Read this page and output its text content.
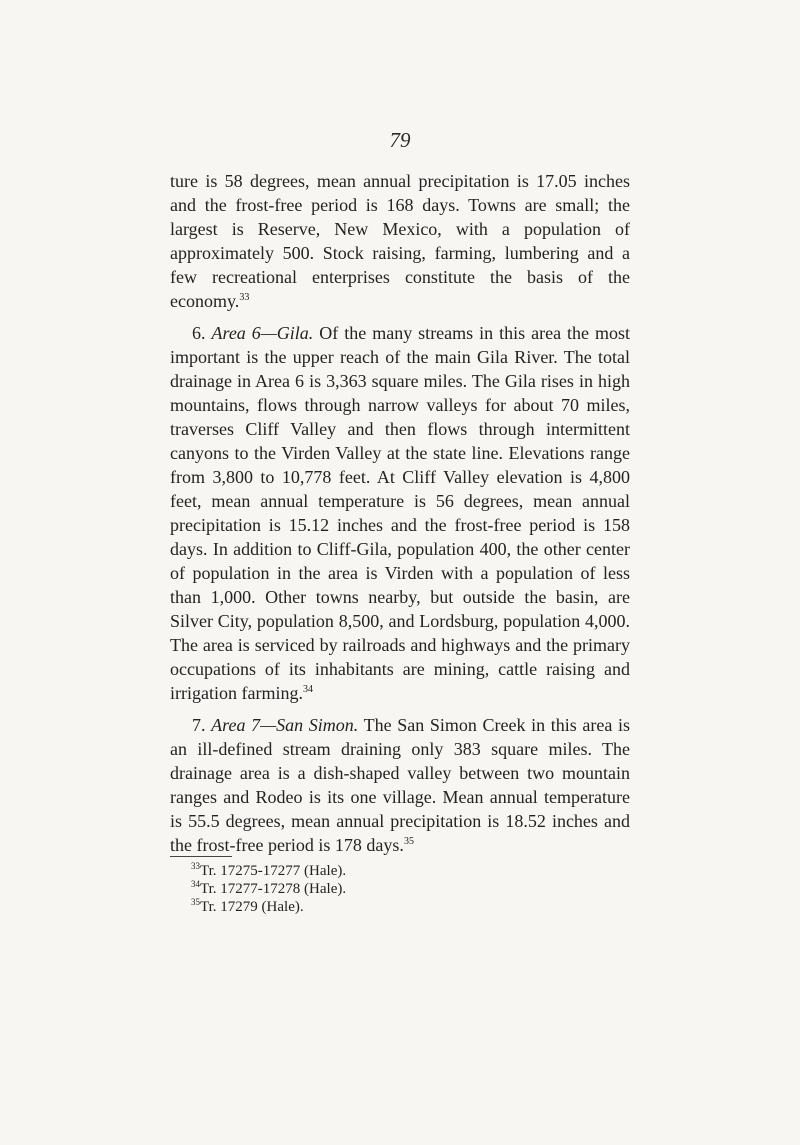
79
ture is 58 degrees, mean annual precipitation is 17.05 inches and the frost-free period is 168 days. Towns are small; the largest is Reserve, New Mexico, with a population of approximately 500. Stock raising, farming, lumbering and a few recreational enterprises constitute the basis of the economy.$^{33}$
6. Area 6—Gila. Of the many streams in this area the most important is the upper reach of the main Gila River. The total drainage in Area 6 is 3,363 square miles. The Gila rises in high mountains, flows through narrow valleys for about 70 miles, traverses Cliff Valley and then flows through intermittent canyons to the Virden Valley at the state line. Elevations range from 3,800 to 10,778 feet. At Cliff Valley elevation is 4,800 feet, mean annual temperature is 56 degrees, mean annual precipitation is 15.12 inches and the frost-free period is 158 days. In addition to Cliff-Gila, population 400, the other center of population in the area is Virden with a population of less than 1,000. Other towns nearby, but outside the basin, are Silver City, population 8,500, and Lordsburg, population 4,000. The area is serviced by railroads and highways and the primary occupations of its inhabitants are mining, cattle raising and irrigation farming.$^{34}$
7. Area 7—San Simon. The San Simon Creek in this area is an ill-defined stream draining only 383 square miles. The drainage area is a dish-shaped valley between two mountain ranges and Rodeo is its one village. Mean annual temperature is 55.5 degrees, mean annual precipitation is 18.52 inches and the frost-free period is 178 days.$^{35}$
$^{33}$Tr. 17275-17277 (Hale).
$^{34}$Tr. 17277-17278 (Hale).
$^{35}$Tr. 17279 (Hale).
